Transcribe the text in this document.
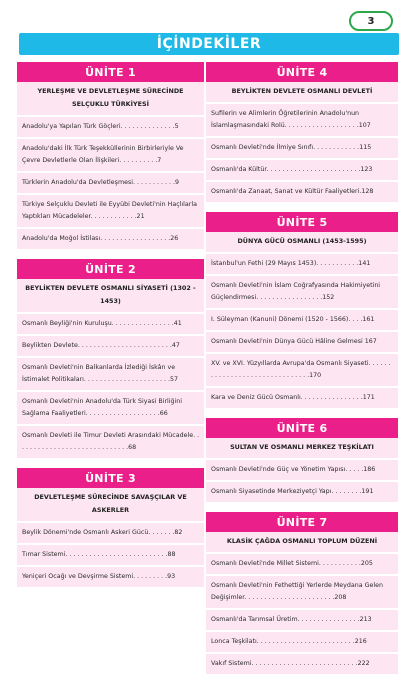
3
İÇİNDEKİLER
ÜNİTE 1
YERLEŞME VE DEVLETLEŞME SÜRECİNDE SELÇUKLU TÜRKİYESİ
Anadolu'ya Yapılan Türk Göçleri. . . . . . . . . . . . . .5
Anadolu'daki İlk Türk Teşekküllerinin Birbirleriyle Ve Çevre Devletlerle Olan İlişkileri. . . . . . . . . .7
Türklerin Anadolu'da Devletleşmesi. . . . . . . . . . .9
Türkiye Selçuklu Devleti ile Eyyübi Devleti'nin Haçlılarla Yaptıkları Mücadeleler. . . . . . . . . . . .21
Anadolu'da Moğol İstilası. . . . . . . . . . . . . . . . . .26
ÜNİTE 2
BEYLİKTEN DEVLETE OSMANLI SİYASETİ (1302 - 1453)
Osmanlı Beyliği'nin Kuruluşu. . . . . . . . . . . . . . . .41
Beylikten Devlete. . . . . . . . . . . . . . . . . . . . . . . .47
Osmanlı Devleti'nin Balkanlarda İzlediği İskân ve İstimalet Politikaları. . . . . . . . . . . . . . . . . . . . . .57
Osmanlı Devleti'nin Anadolu'da Türk Siyasi Birliğini Sağlama Faaliyetleri. . . . . . . . . . . . . . . . . . .66
Osmanlı Devleti ile Timur Devleti Arasındaki Mücadele. . . . . . . . . . . . . . . . . . . . . . . . . . . . .68
ÜNİTE 3
DEVLETLEŞME SÜRECİNDE SAVAŞÇILAR VE ASKERLER
Beylik Dönemi'nde Osmanlı Askeri Gücü. . . . . . .82
Tımar Sistemi. . . . . . . . . . . . . . . . . . . . . . . . . .88
Yeniçeri Ocağı ve Devşirme Sistemi. . . . . . . . .93
ÜNİTE 4
BEYLİKTEN DEVLETE OSMANLI DEVLETİ
Sufilerin ve Alimlerin Öğretilerinin Anadolu'nun İslamlaşmasındaki Rolü. . . . . . . . . . . . . . . . . . .107
Osmanlı Devleti'nde İlmiye Sınıfı. . . . . . . . . . . .115
Osmanlı'da Kültür. . . . . . . . . . . . . . . . . . . . . . . .123
Osmanlı'da Zanaat, Sanat ve Kültür Faaliyetleri.128
ÜNİTE 5
DÜNYA GÜCÜ OSMANLI (1453-1595)
İstanbul'un Fethi (29 Mayıs 1453). . . . . . . . . . .141
Osmanlı Devleti'nin İslam Coğrafyasında Hakimiyetini Güçlendirmesi. . . . . . . . . . . . . . . . .152
I. Süleyman (Kanuni) Dönemi (1520 - 1566). . . .161
Osmanlı Devleti'nin Dünya Gücü Hâline Gelmesi 167
XV. ve XVI. Yüzyıllarda Avrupa'da Osmanlı Siyaseti. . . . . . . . . . . . . . . . . . . . . . . . . . . . . . .170
Kara ve Deniz Gücü Osmanlı. . . . . . . . . . . . . . . .171
ÜNİTE 6
SULTAN VE OSMANLI MERKEZ TEŞKİLATI
Osmanlı Devleti'nde Güç ve Yönetim Yapısı. . . . .186
Osmanlı Siyasetinde Merkeziyetçi Yapı. . . . . . . .191
ÜNİTE 7
KLASİK ÇAĞDA OSMANLI TOPLUM DÜZENİ
Osmanlı Devleti'nde Millet Sistemi. . . . . . . . . . .205
Osmanlı Devleti'nin Fethettiği Yerlerde Meydana Gelen Değişimler. . . . . . . . . . . . . . . . . . . . . . .208
Osmanlı'da Tarımsal Üretim. . . . . . . . . . . . . . . .213
Lonca Teşkilatı. . . . . . . . . . . . . . . . . . . . . . . . .216
Vakıf Sistemi. . . . . . . . . . . . . . . . . . . . . . . . . . .222
